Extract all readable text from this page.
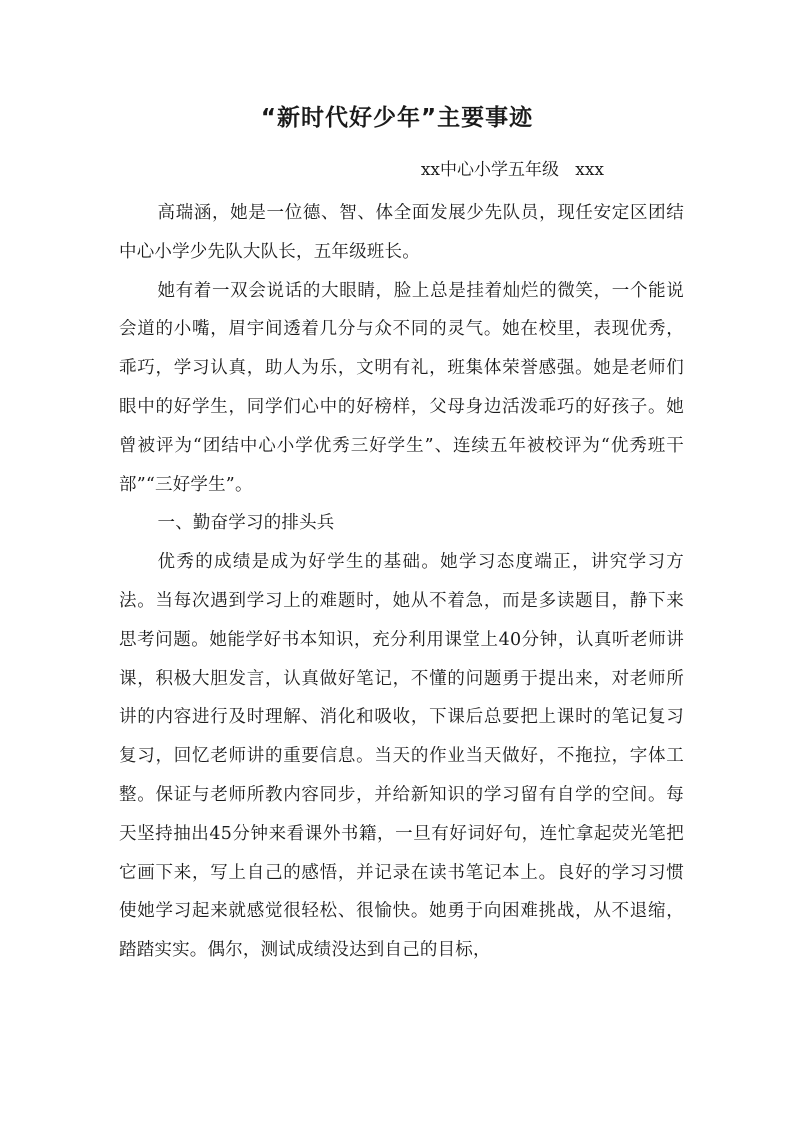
“新时代好少年”主要事迹
xx中心小学五年级   xxx

高瑞涵，她是一位德、智、体全面发展少先队员，现任安定区团结中心小学少先队大队长，五年级班长。

她有着一双会说话的大眼睛，脸上总是挂着灿烂的微笑，一个能说会道的小嘴，眉宇间透着几分与众不同的灵气。她在校里，表现优秀，乖巧，学习认真，助人为乐，文明有礼，班集体荣誉感强。她是老师们眼中的好学生，同学们心中的好榜样，父母身边活泼乖巧的好孩子。她曾被评为“团结中心小学优秀三好学生”、连续五年被校评为“优秀班干部”“三好学生”。

一、勤奋学习的排头兵

优秀的成绩是成为好学生的基础。她学习态度端正，讲究学习方法。当每次遇到学习上的难题时，她从不着急，而是多读题目，静下来思考问题。她能学好书本知识，充分利用课堂上40分钟，认真听老师讲课，积极大胆发言，认真做好笔记，不懂的问题勇于提出来，对老师所讲的内容进行及时理解、消化和吸收，下课后总要把上课时的笔记复习复习，回忆老师讲的重要信息。当天的作业当天做好，不拖拉，字体工整。保证与老师所教内容同步，并给新知识的学习留有自学的空间。每天坚持抽出45分钟来看课外书籍，一旦有好词好句，连忙拿起荧光笔把它画下来，写上自己的感悟，并记录在读书笔记本上。良好的学习习惯使她学习起来就感觉很轻松、很愉快。她勇于向困难挑战，从不退缩，踏踏实实。偶尔，测试成绩没达到自己的目标，
